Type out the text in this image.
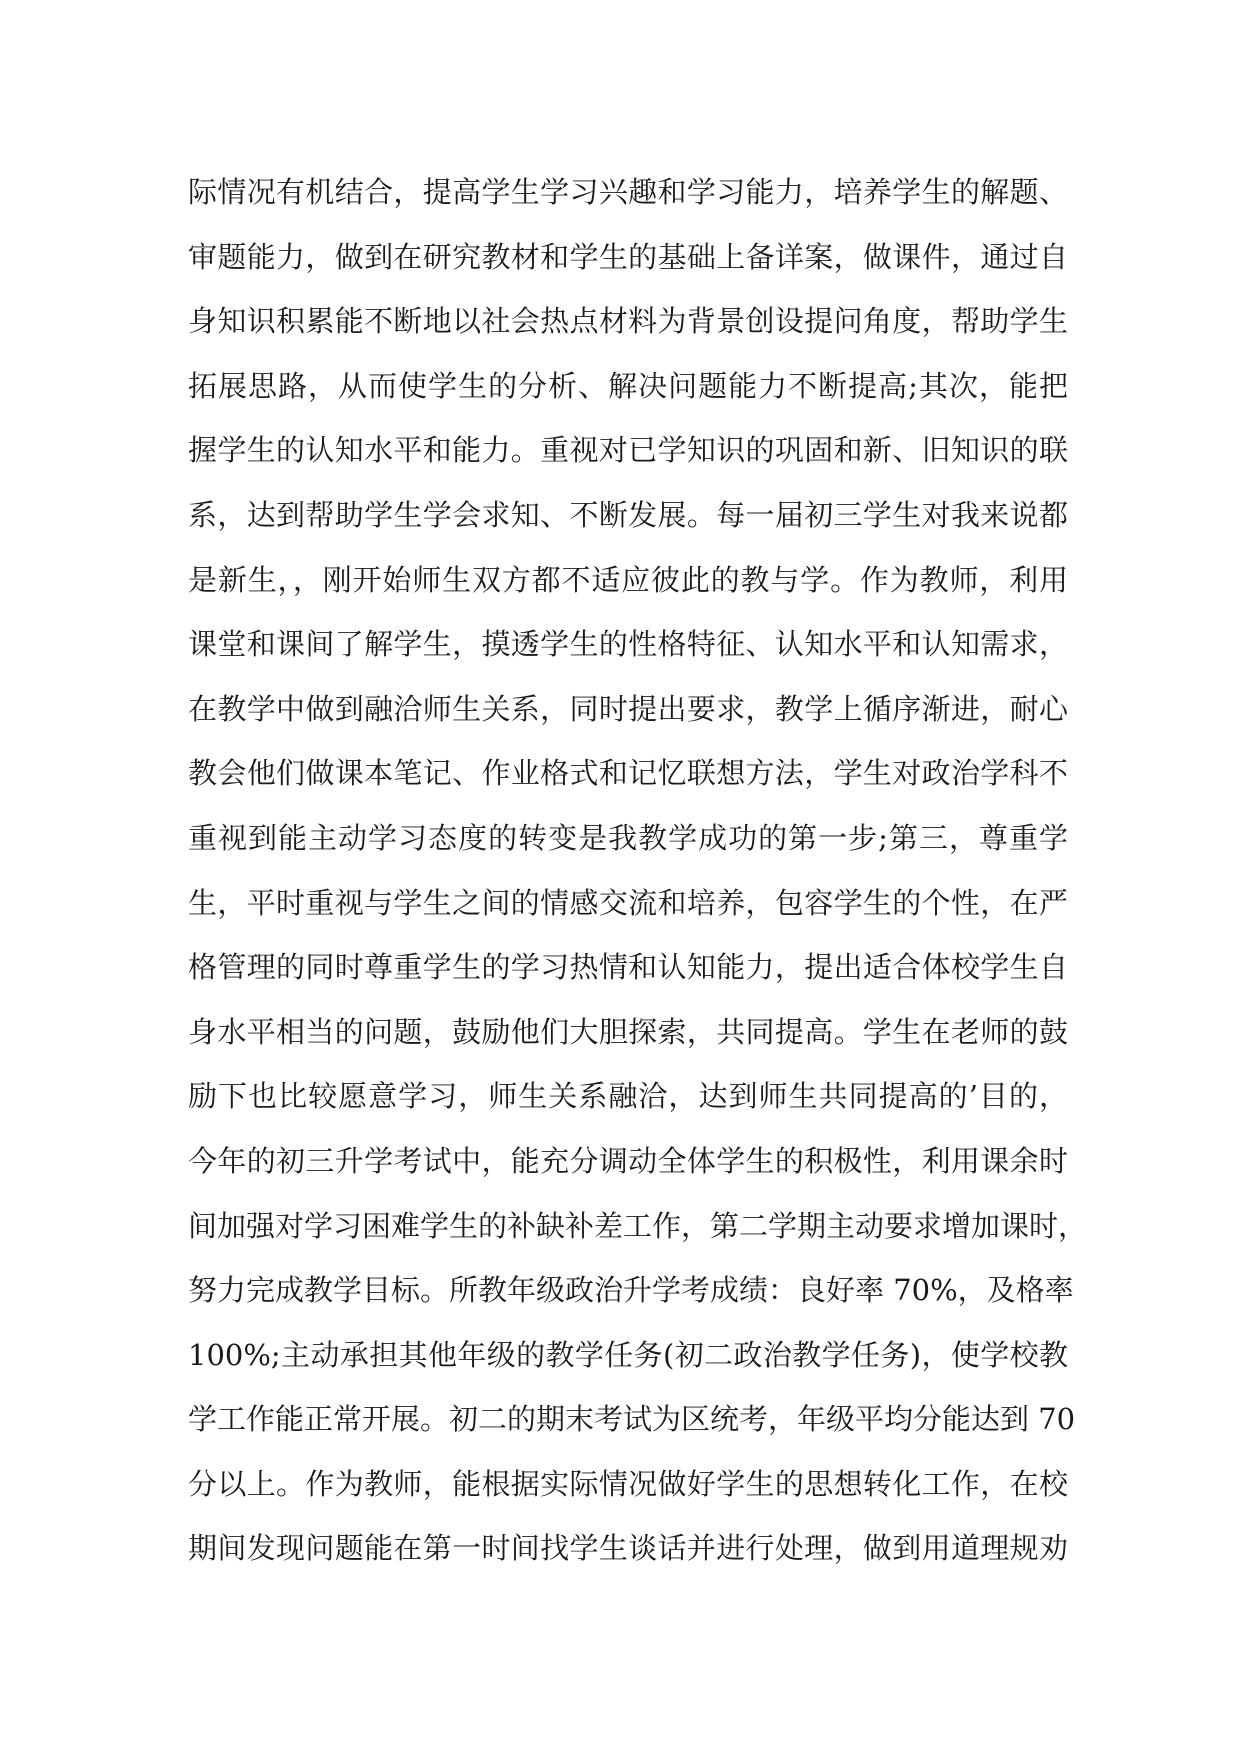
际情况有机结合，提高学生学习兴趣和学习能力，培养学生的解题、
审题能力，做到在研究教材和学生的基础上备详案，做课件，通过自
身知识积累能不断地以社会热点材料为背景创设提问角度，帮助学生
拓展思路，从而使学生的分析、解决问题能力不断提高;其次，能把
握学生的认知水平和能力。重视对已学知识的巩固和新、旧知识的联
系，达到帮助学生学会求知、不断发展。每一届初三学生对我来说都
是新生，，刚开始师生双方都不适应彼此的教与学。作为教师，利用
课堂和课间了解学生，摸透学生的性格特征、认知水平和认知需求，
在教学中做到融洽师生关系，同时提出要求，教学上循序渐进，耐心
教会他们做课本笔记、作业格式和记忆联想方法，学生对政治学科不
重视到能主动学习态度的转变是我教学成功的第一步;第三，尊重学
生，平时重视与学生之间的情感交流和培养，包容学生的个性，在严
格管理的同时尊重学生的学习热情和认知能力，提出适合体校学生自
身水平相当的问题，鼓励他们大胆探索，共同提高。学生在老师的鼓
励下也比较愿意学习，师生关系融洽，达到师生共同提高的’目的，
今年的初三升学考试中，能充分调动全体学生的积极性，利用课余时
间加强对学习困难学生的补缺补差工作，第二学期主动要求增加课时，
努力完成教学目标。所教年级政治升学考成绩：良好率 70%，及格率
100%;主动承担其他年级的教学任务(初二政治教学任务)，使学校教
学工作能正常开展。初二的期末考试为区统考，年级平均分能达到 70
分以上。作为教师，能根据实际情况做好学生的思想转化工作，在校
期间发现问题能在第一时间找学生谈话并进行处理，做到用道理规劝
